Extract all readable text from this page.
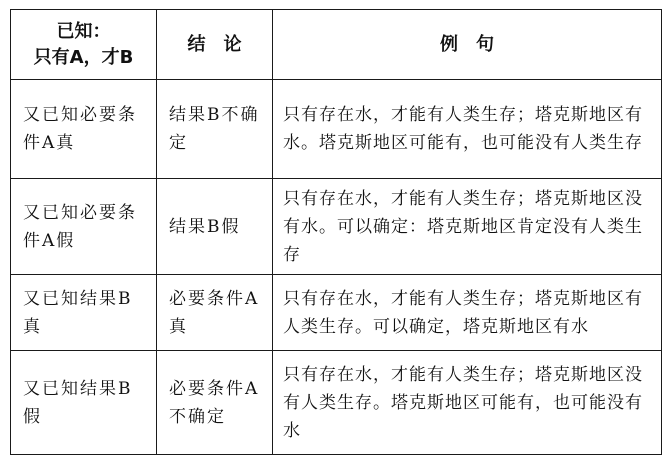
已知：
只有A，才B	结　论	例　句

又已知必要条件A真	结果B不确定	只有存在水，才能有人类生存；塔克斯地区有水。塔克斯地区可能有，也可能没有人类生存

又已知必要条件A假	结果B假	只有存在水，才能有人类生存；塔克斯地区没有水。可以确定：塔克斯地区肯定没有人类生存

又已知结果B真	必要条件A真	只有存在水，才能有人类生存；塔克斯地区有人类生存。可以确定，塔克斯地区有水

又已知结果B假	必要条件A不确定	只有存在水，才能有人类生存；塔克斯地区没有人类生存。塔克斯地区可能有，也可能没有水
